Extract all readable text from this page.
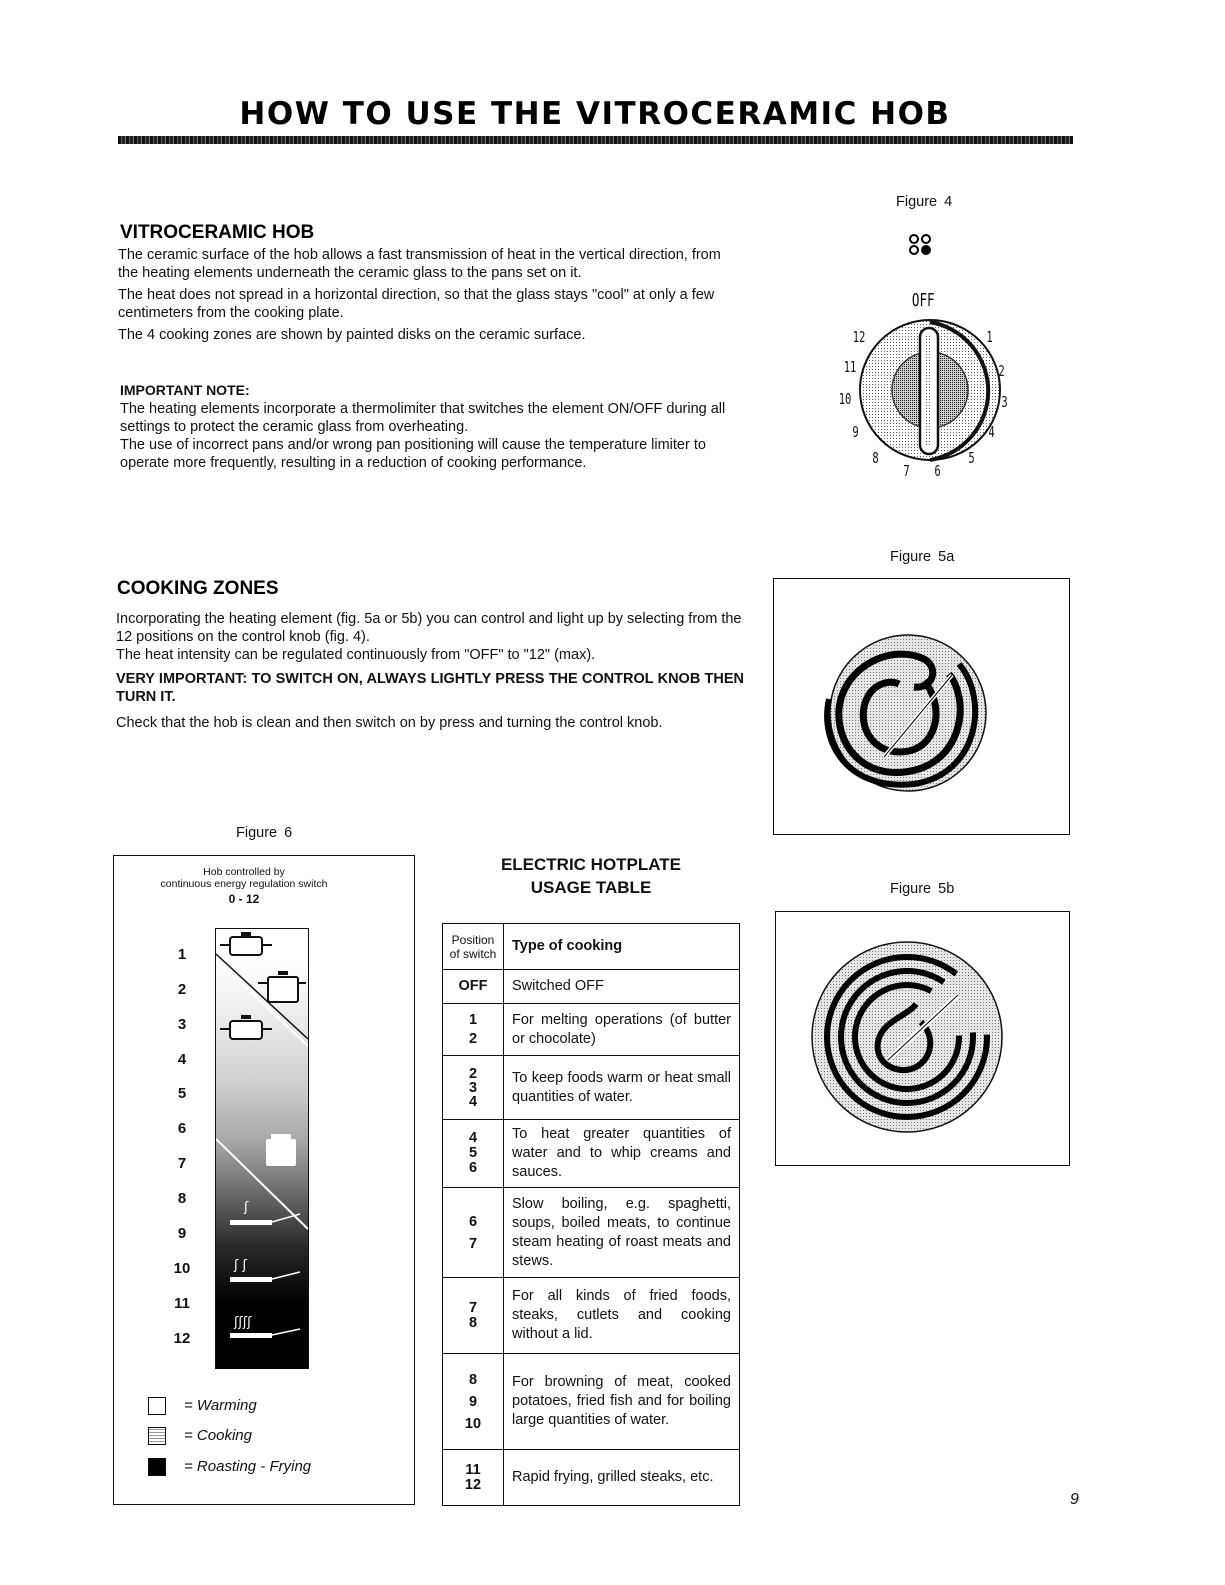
HOW TO USE THE VITROCERAMIC HOB
VITROCERAMIC HOB

The ceramic surface of the hob allows a fast transmission of heat in the vertical direction, from the heating elements underneath the ceramic glass to the pans set on it.

The heat does not spread in a horizontal direction, so that the glass stays "cool" at only a few centimeters from the cooking plate.

The 4 cooking zones are shown by painted disks on the ceramic surface.

IMPORTANT NOTE:
The heating elements incorporate a thermolimiter that switches the element ON/OFF during all settings to protect the ceramic glass from overheating.
The use of incorrect pans and/or wrong pan positioning will cause the temperature limiter to operate more frequently, resulting in a reduction of cooking performance.
Figure 4
OFF
12	1
11	2
10	3
9	4
8	5
7 6
COOKING ZONES
Incorporating the heating element (fig. 5a or 5b) you can control and light up by selecting from the 12 positions on the control knob (fig. 4).
The heat intensity can be regulated continuously from "OFF" to "12" (max).
VERY IMPORTANT: TO SWITCH ON, ALWAYS LIGHTLY PRESS THE CONTROL KNOB THEN TURN IT.
Check that the hob is clean and then switch on by press and turning the control knob.
Figure 5a
Figure 5b
Figure 6
Hob controlled by
continuous energy regulation switch
0 - 12
1
2
3
4
5
6
7
8
9
10
11
12
ʃ
ʃ ʃ
ʃʃʃʃ
= Warming
= Cooking
= Roasting - Frying
ELECTRIC HOTPLATE
USAGE TABLE
Position
of switch	Type of cooking

OFF	Switched OFF

1
2	For melting operations (of butter or chocolate)

2
3
4	To keep foods warm or heat small quantities of water.

4
5
6	To heat greater quantities of water and to whip creams and sauces.

6
7	Slow boiling, e.g. spaghetti, soups, boiled meats, to continue steam heating of roast meats and stews.

7
8	For all kinds of fried foods, steaks, cutlets and cooking without a lid.

8
9
10	For browning of meat, cooked potatoes, fried fish and for boiling large quantities of water.

11
12	Rapid frying, grilled steaks, etc.
9
